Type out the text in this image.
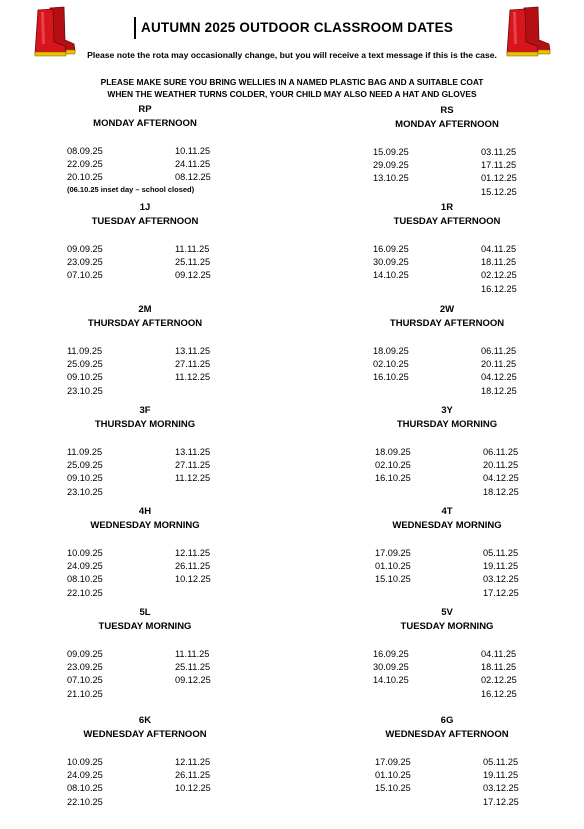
AUTUMN 2025 OUTDOOR CLASSROOM DATES
Please note the rota may occasionally change, but you will receive a text message if this is the case.
PLEASE MAKE SURE YOU BRING WELLIES IN A NAMED PLASTIC BAG AND A SUITABLE COAT
WHEN THE WEATHER TURNS COLDER, YOUR CHILD MAY ALSO NEED A HAT AND GLOVES
RP
MONDAY AFTERNOON
08.09.25
22.09.25
20.10.25
10.11.25
24.11.25
08.12.25
(06.10.25 inset day – school closed)
RS
MONDAY AFTERNOON
15.09.25
29.09.25
13.10.25
03.11.25
17.11.25
01.12.25
15.12.25
1J
TUESDAY AFTERNOON
09.09.25
23.09.25
07.10.25
11.11.25
25.11.25
09.12.25
1R
TUESDAY AFTERNOON
16.09.25
30.09.25
14.10.25
04.11.25
18.11.25
02.12.25
16.12.25
2M
THURSDAY AFTERNOON
11.09.25
25.09.25
09.10.25
23.10.25
13.11.25
27.11.25
11.12.25
2W
THURSDAY AFTERNOON
18.09.25
02.10.25
16.10.25
06.11.25
20.11.25
04.12.25
18.12.25
3F
THURSDAY MORNING
11.09.25
25.09.25
09.10.25
23.10.25
13.11.25
27.11.25
11.12.25
3Y
THURSDAY MORNING
18.09.25
02.10.25
16.10.25
06.11.25
20.11.25
04.12.25
18.12.25
4H
WEDNESDAY MORNING
10.09.25
24.09.25
08.10.25
22.10.25
12.11.25
26.11.25
10.12.25
4T
WEDNESDAY MORNING
17.09.25
01.10.25
15.10.25
05.11.25
19.11.25
03.12.25
17.12.25
5L
TUESDAY MORNING
09.09.25
23.09.25
07.10.25
21.10.25
11.11.25
25.11.25
09.12.25
5V
TUESDAY MORNING
16.09.25
30.09.25
14.10.25
04.11.25
18.11.25
02.12.25
16.12.25
6K
WEDNESDAY AFTERNOON
10.09.25
24.09.25
08.10.25
22.10.25
12.11.25
26.11.25
10.12.25
6G
WEDNESDAY AFTERNOON
17.09.25
01.10.25
15.10.25
05.11.25
19.11.25
03.12.25
17.12.25
